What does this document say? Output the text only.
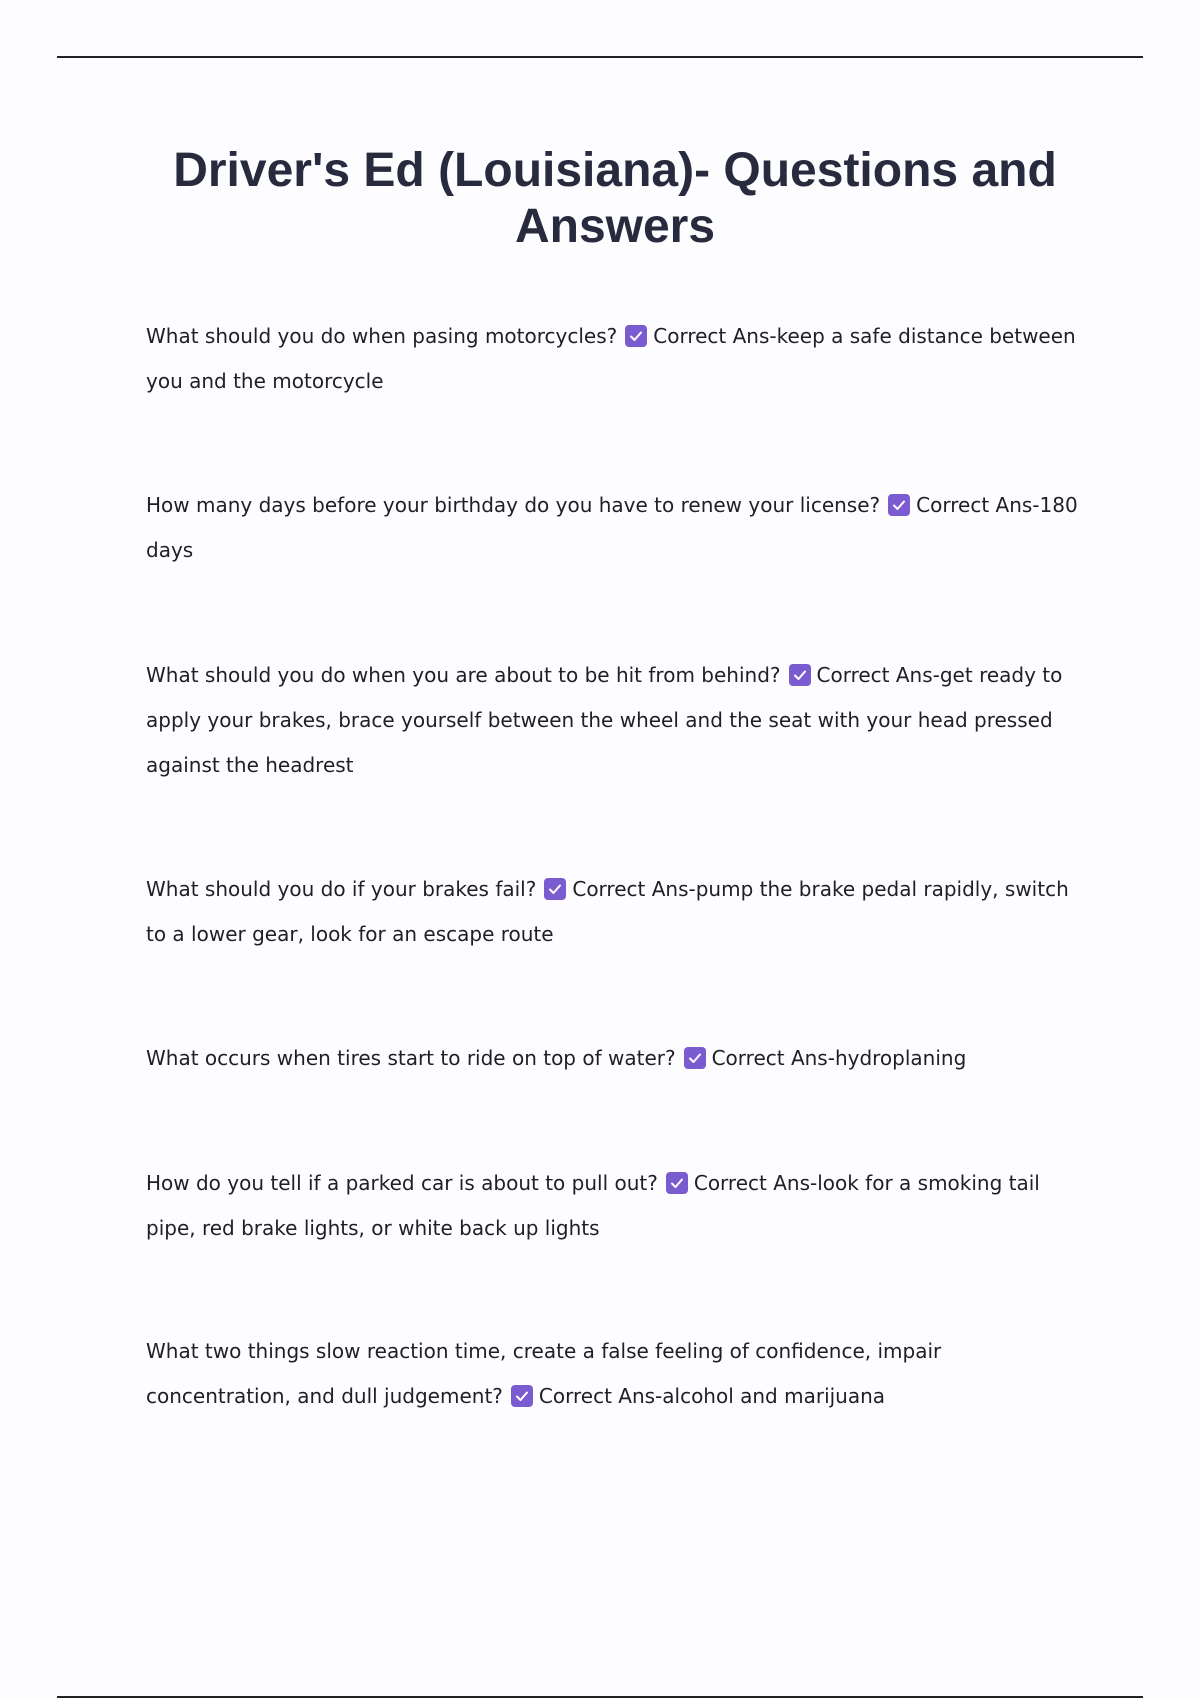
Driver's Ed (Louisiana)- Questions and Answers
What should you do when pasing motorcycles? Correct Ans-keep a safe distance between you and the motorcycle
How many days before your birthday do you have to renew your license? Correct Ans-180 days
What should you do when you are about to be hit from behind? Correct Ans-get ready to apply your brakes, brace yourself between the wheel and the seat with your head pressed against the headrest
What should you do if your brakes fail? Correct Ans-pump the brake pedal rapidly, switch to a lower gear, look for an escape route
What occurs when tires start to ride on top of water? Correct Ans-hydroplaning
How do you tell if a parked car is about to pull out? Correct Ans-look for a smoking tail pipe, red brake lights, or white back up lights
What two things slow reaction time, create a false feeling of confidence, impair concentration, and dull judgement? Correct Ans-alcohol and marijuana
